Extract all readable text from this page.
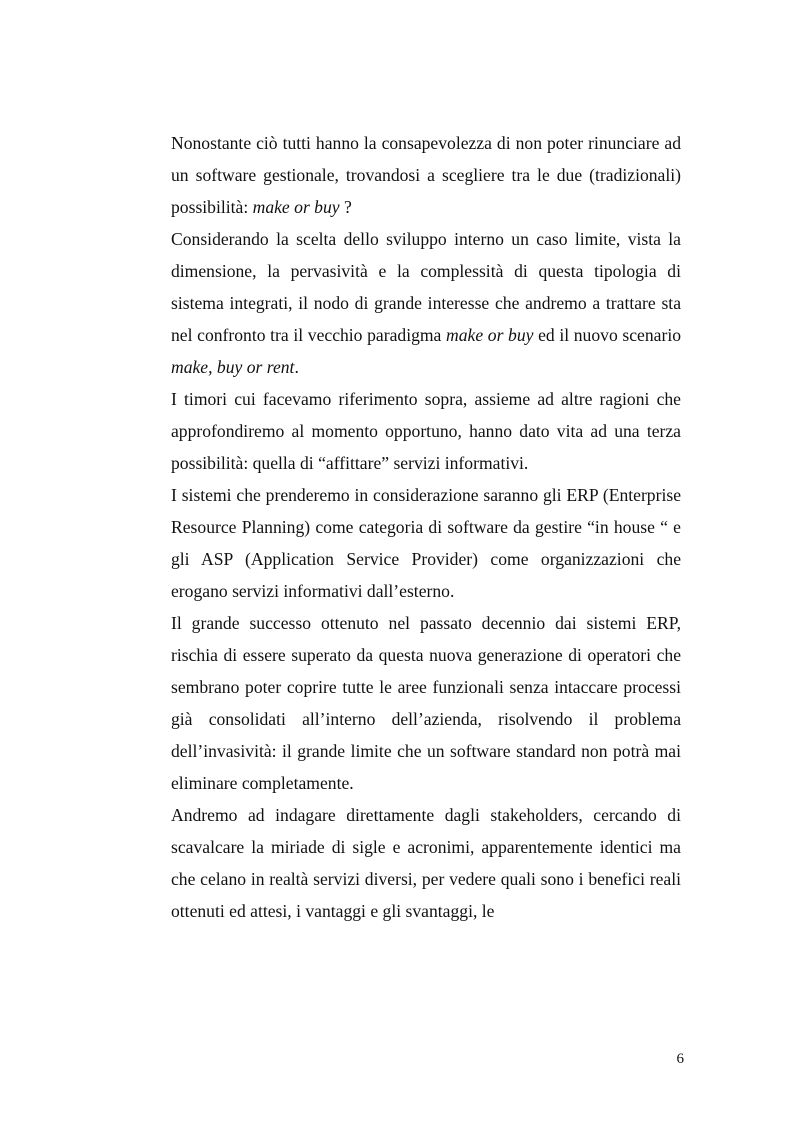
Nonostante ciò tutti hanno la consapevolezza di non poter rinunciare ad un software gestionale, trovandosi a scegliere tra le due (tradizionali) possibilità: make or buy ?

Considerando la scelta dello sviluppo interno un caso limite, vista la dimensione, la pervasività e la complessità di questa tipologia di sistema integrati, il nodo di grande interesse che andremo a trattare sta nel confronto tra il vecchio paradigma make or buy ed il nuovo scenario make, buy or rent.

I timori cui facevamo riferimento sopra, assieme ad altre ragioni che approfondiremo al momento opportuno, hanno dato vita ad una terza possibilità: quella di “affittare” servizi informativi.

I sistemi che prenderemo in considerazione saranno gli ERP (Enterprise Resource Planning) come categoria di software da gestire “in house “ e gli ASP (Application Service Provider) come organizzazioni che erogano servizi informativi dall’esterno.

Il grande successo ottenuto nel passato decennio dai sistemi ERP, rischia di essere superato da questa nuova generazione di operatori che sembrano poter coprire tutte le aree funzionali senza intaccare processi già consolidati all’interno dell’azienda, risolvendo il problema dell’invasività: il grande limite che un software standard non potrà mai eliminare completamente.

Andremo ad indagare direttamente dagli stakeholders, cercando di scavalcare la miriade di sigle e acronimi, apparentemente identici ma che celano in realtà servizi diversi, per vedere quali sono i benefici reali ottenuti ed attesi, i vantaggi e gli svantaggi, le

6
